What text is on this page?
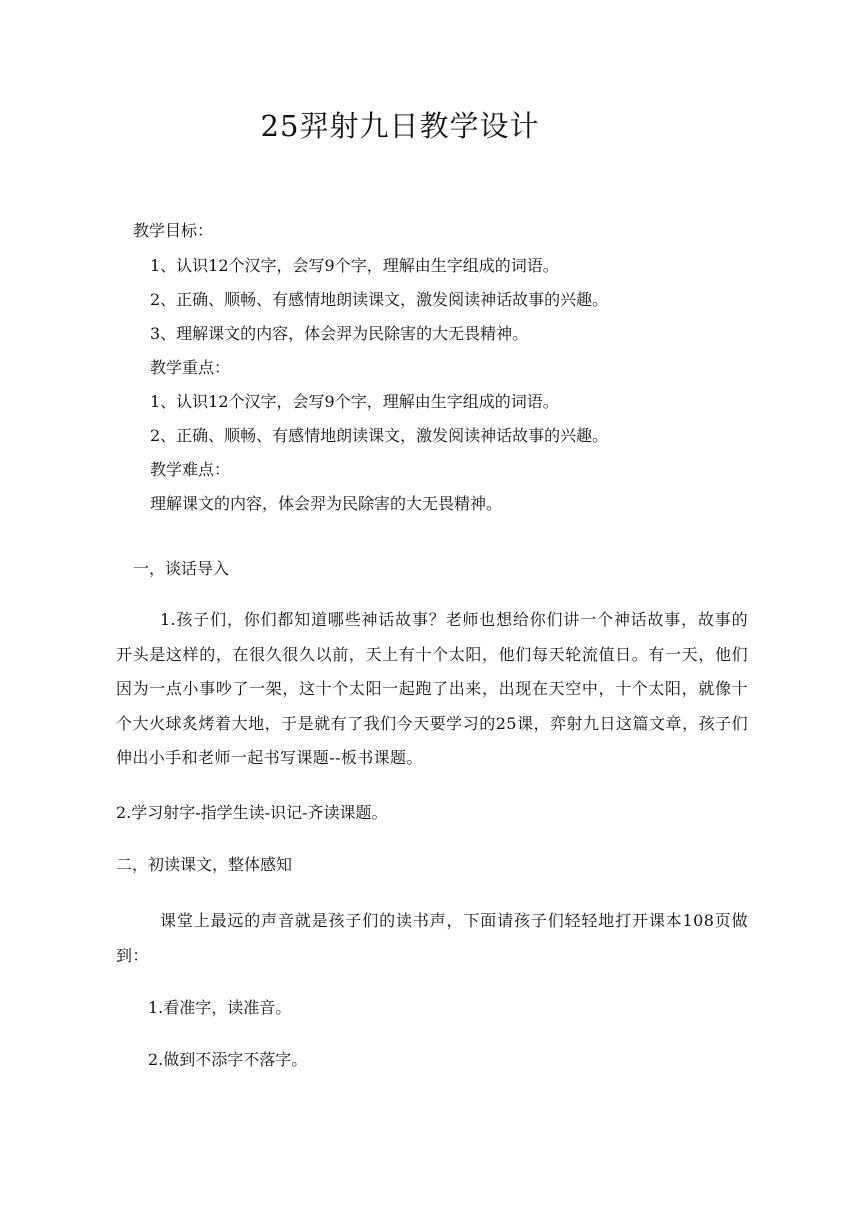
25羿射九日教学设计
教学目标：
1、认识12个汉字，会写9个字，理解由生字组成的词语。
2、正确、顺畅、有感情地朗读课文，激发阅读神话故事的兴趣。
3、理解课文的内容，体会羿为民除害的大无畏精神。
教学重点：
1、认识12个汉字，会写9个字，理解由生字组成的词语。
2、正确、顺畅、有感情地朗读课文，激发阅读神话故事的兴趣。
教学难点：
理解课文的内容，体会羿为民除害的大无畏精神。
一，谈话导入
1.孩子们，你们都知道哪些神话故事？老师也想给你们讲一个神话故事，故事的开头是这样的，在很久很久以前，天上有十个太阳，他们每天轮流值日。有一天，他们因为一点小事吵了一架，这十个太阳一起跑了出来，出现在天空中，十个太阳，就像十个大火球炙烤着大地，于是就有了我们今天要学习的25课，弈射九日这篇文章，孩子们伸出小手和老师一起书写课题--板书课题。
2.学习射字-指学生读-识记-齐读课题。
二，初读课文，整体感知
课堂上最远的声音就是孩子们的读书声，下面请孩子们轻轻地打开课本108页做到：
1.看准字，读准音。
2.做到不添字不落字。
